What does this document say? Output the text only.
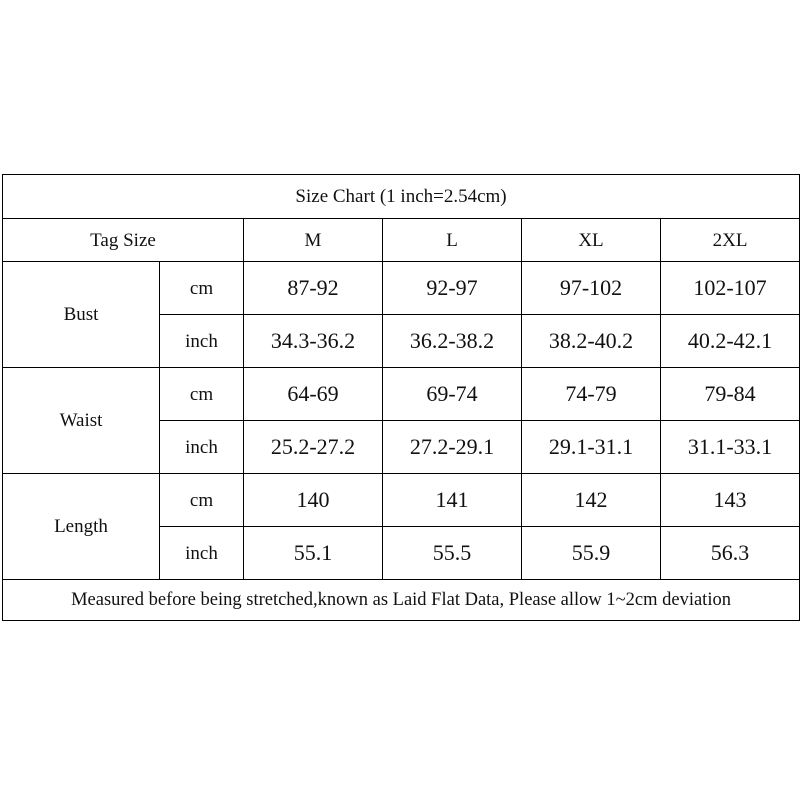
Size Chart (1 inch=2.54cm)					
Tag Size		M	L	XL	2XL
Bust	cm	87-92	92-97	97-102	102-107
	inch	34.3-36.2	36.2-38.2	38.2-40.2	40.2-42.1
Waist	cm	64-69	69-74	74-79	79-84
	inch	25.2-27.2	27.2-29.1	29.1-31.1	31.1-33.1
Length	cm	140	141	142	143
	inch	55.1	55.5	55.9	56.3
Measured before being stretched,known as Laid Flat Data, Please allow 1~2cm deviation					
